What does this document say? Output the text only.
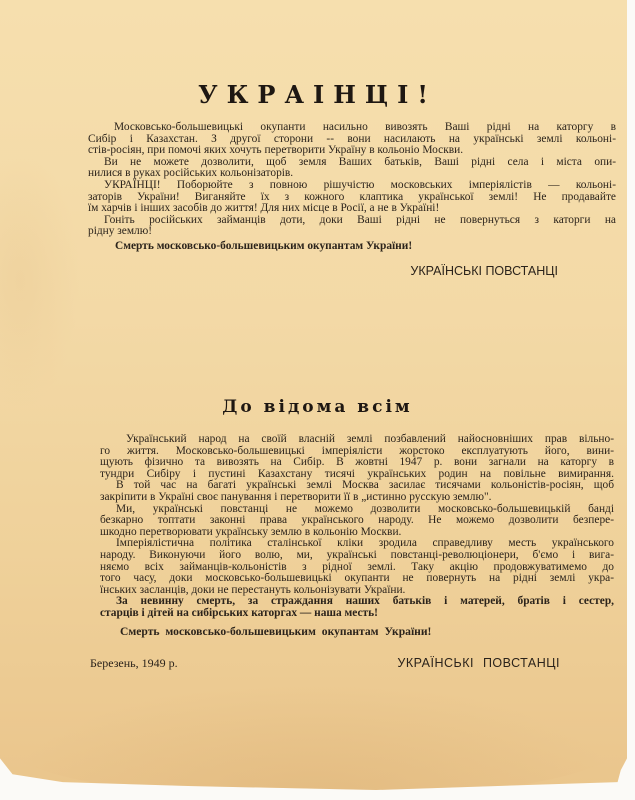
УКРАІНЦІ!
Московсько-большевицькі окупанти насильно вивозять Ваші рідні на каторгу в
Сибір і Казахстан. З другої сторони -- вони насилають на українські землі кольоні-
стів-росіян, при помочі яких хочуть перетворити Україну в кольоніо Москви.
Ви не можете дозволити, щоб земля Ваших батьків, Ваші рідні села і міста опи-
нилися в руках російських кольонізаторів.
УКРАЇНЦІ! Поборюйте з повною рішучістю московських імперіялістів — кольоні-
заторів України! Виганяйте їх з кожного клаптика української землі! Не продавайте
їм харчів і інших засобів до життя! Для них місце в Росії, а не в Україні!
Гоніть російських займанців доти, доки Ваші рідні не повернуться з каторги на
рідну землю!
Смерть московсько-большевицьким окупантам України!
УКРАЇНСЬКІ ПОВСТАНЦІ
До відома всім
Український народ на своїй власній землі позбавлений найосновніших прав вільно-
го життя. Московсько-большевицькі імперіялісти жорстоко експлуатують його, вини-
щують фізично та вивозять на Сибір. В жовтні 1947 р. вони загнали на каторгу в
тундри Сибіру і пустині Казахстану тисячі українських родин на повільне вимирання.
В той час на багаті українські землі Москва засилає тисячами кольоністів-росіян, щоб
закріпити в Україні своє панування і перетворити її в „истинно русскую землю".
Ми, українські повстанці не можемо дозволити московсько-большевицькій банді
безкарно топтати законні права українського народу. Не можемо дозволити безпере-
шкодно перетворювати українську землю в кольонію Москви.
Імперіялістична політика сталінської кліки зродила справедливу месть українського
народу. Виконуючи його волю, ми, українські повстанці-революціонери, б'ємо і вига-
няємо всіх займанців-кольоністів з рідної землі. Таку акцію продовжуватимемо до
того часу, доки московсько-большевицькі окупанти не повернуть на рідні землі укра-
їнських засланців, доки не перестануть кольонізувати України.
За невинну смерть, за страждання наших батьків і матерей, братів і сестер,
старців і дітей на сибірських каторгах — наша месть!
Смерть московсько-большевицьким окупантам України!
Березень, 1949 р.	УКРАЇНСЬКІ ПОВСТАНЦІ
